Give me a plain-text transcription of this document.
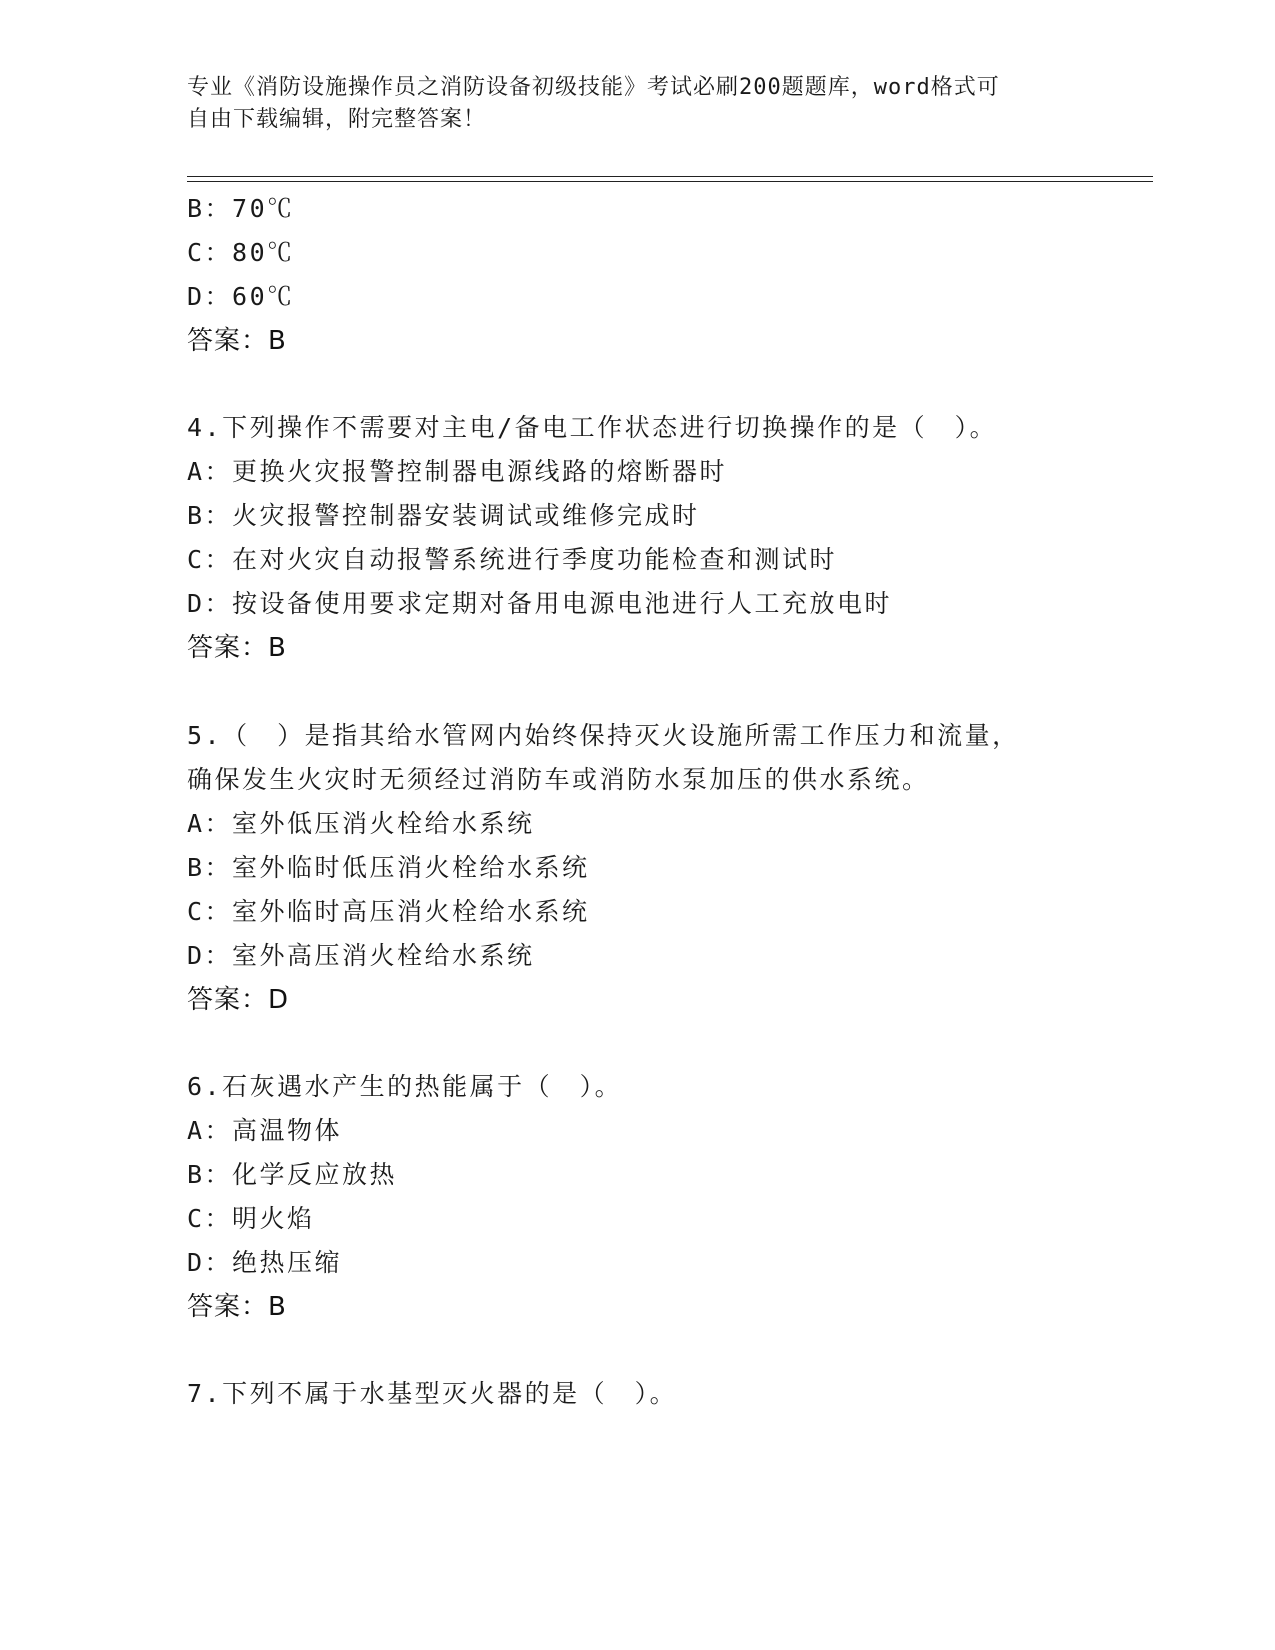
专业《消防设施操作员之消防设备初级技能》考试必刷200题题库，word格式可
自由下载编辑，附完整答案！
B：70℃
C：80℃
D：60℃
答案：B
4.下列操作不需要对主电/备电工作状态进行切换操作的是（　）。
A：更换火灾报警控制器电源线路的熔断器时
B：火灾报警控制器安装调试或维修完成时
C：在对火灾自动报警系统进行季度功能检查和测试时
D：按设备使用要求定期对备用电源电池进行人工充放电时
答案：B
5.（　）是指其给水管网内始终保持灭火设施所需工作压力和流量，
确保发生火灾时无须经过消防车或消防水泵加压的供水系统。
A：室外低压消火栓给水系统
B：室外临时低压消火栓给水系统
C：室外临时高压消火栓给水系统
D：室外高压消火栓给水系统
答案：D
6.石灰遇水产生的热能属于（　）。
A：高温物体
B：化学反应放热
C：明火焰
D：绝热压缩
答案：B
7.下列不属于水基型灭火器的是（　）。
